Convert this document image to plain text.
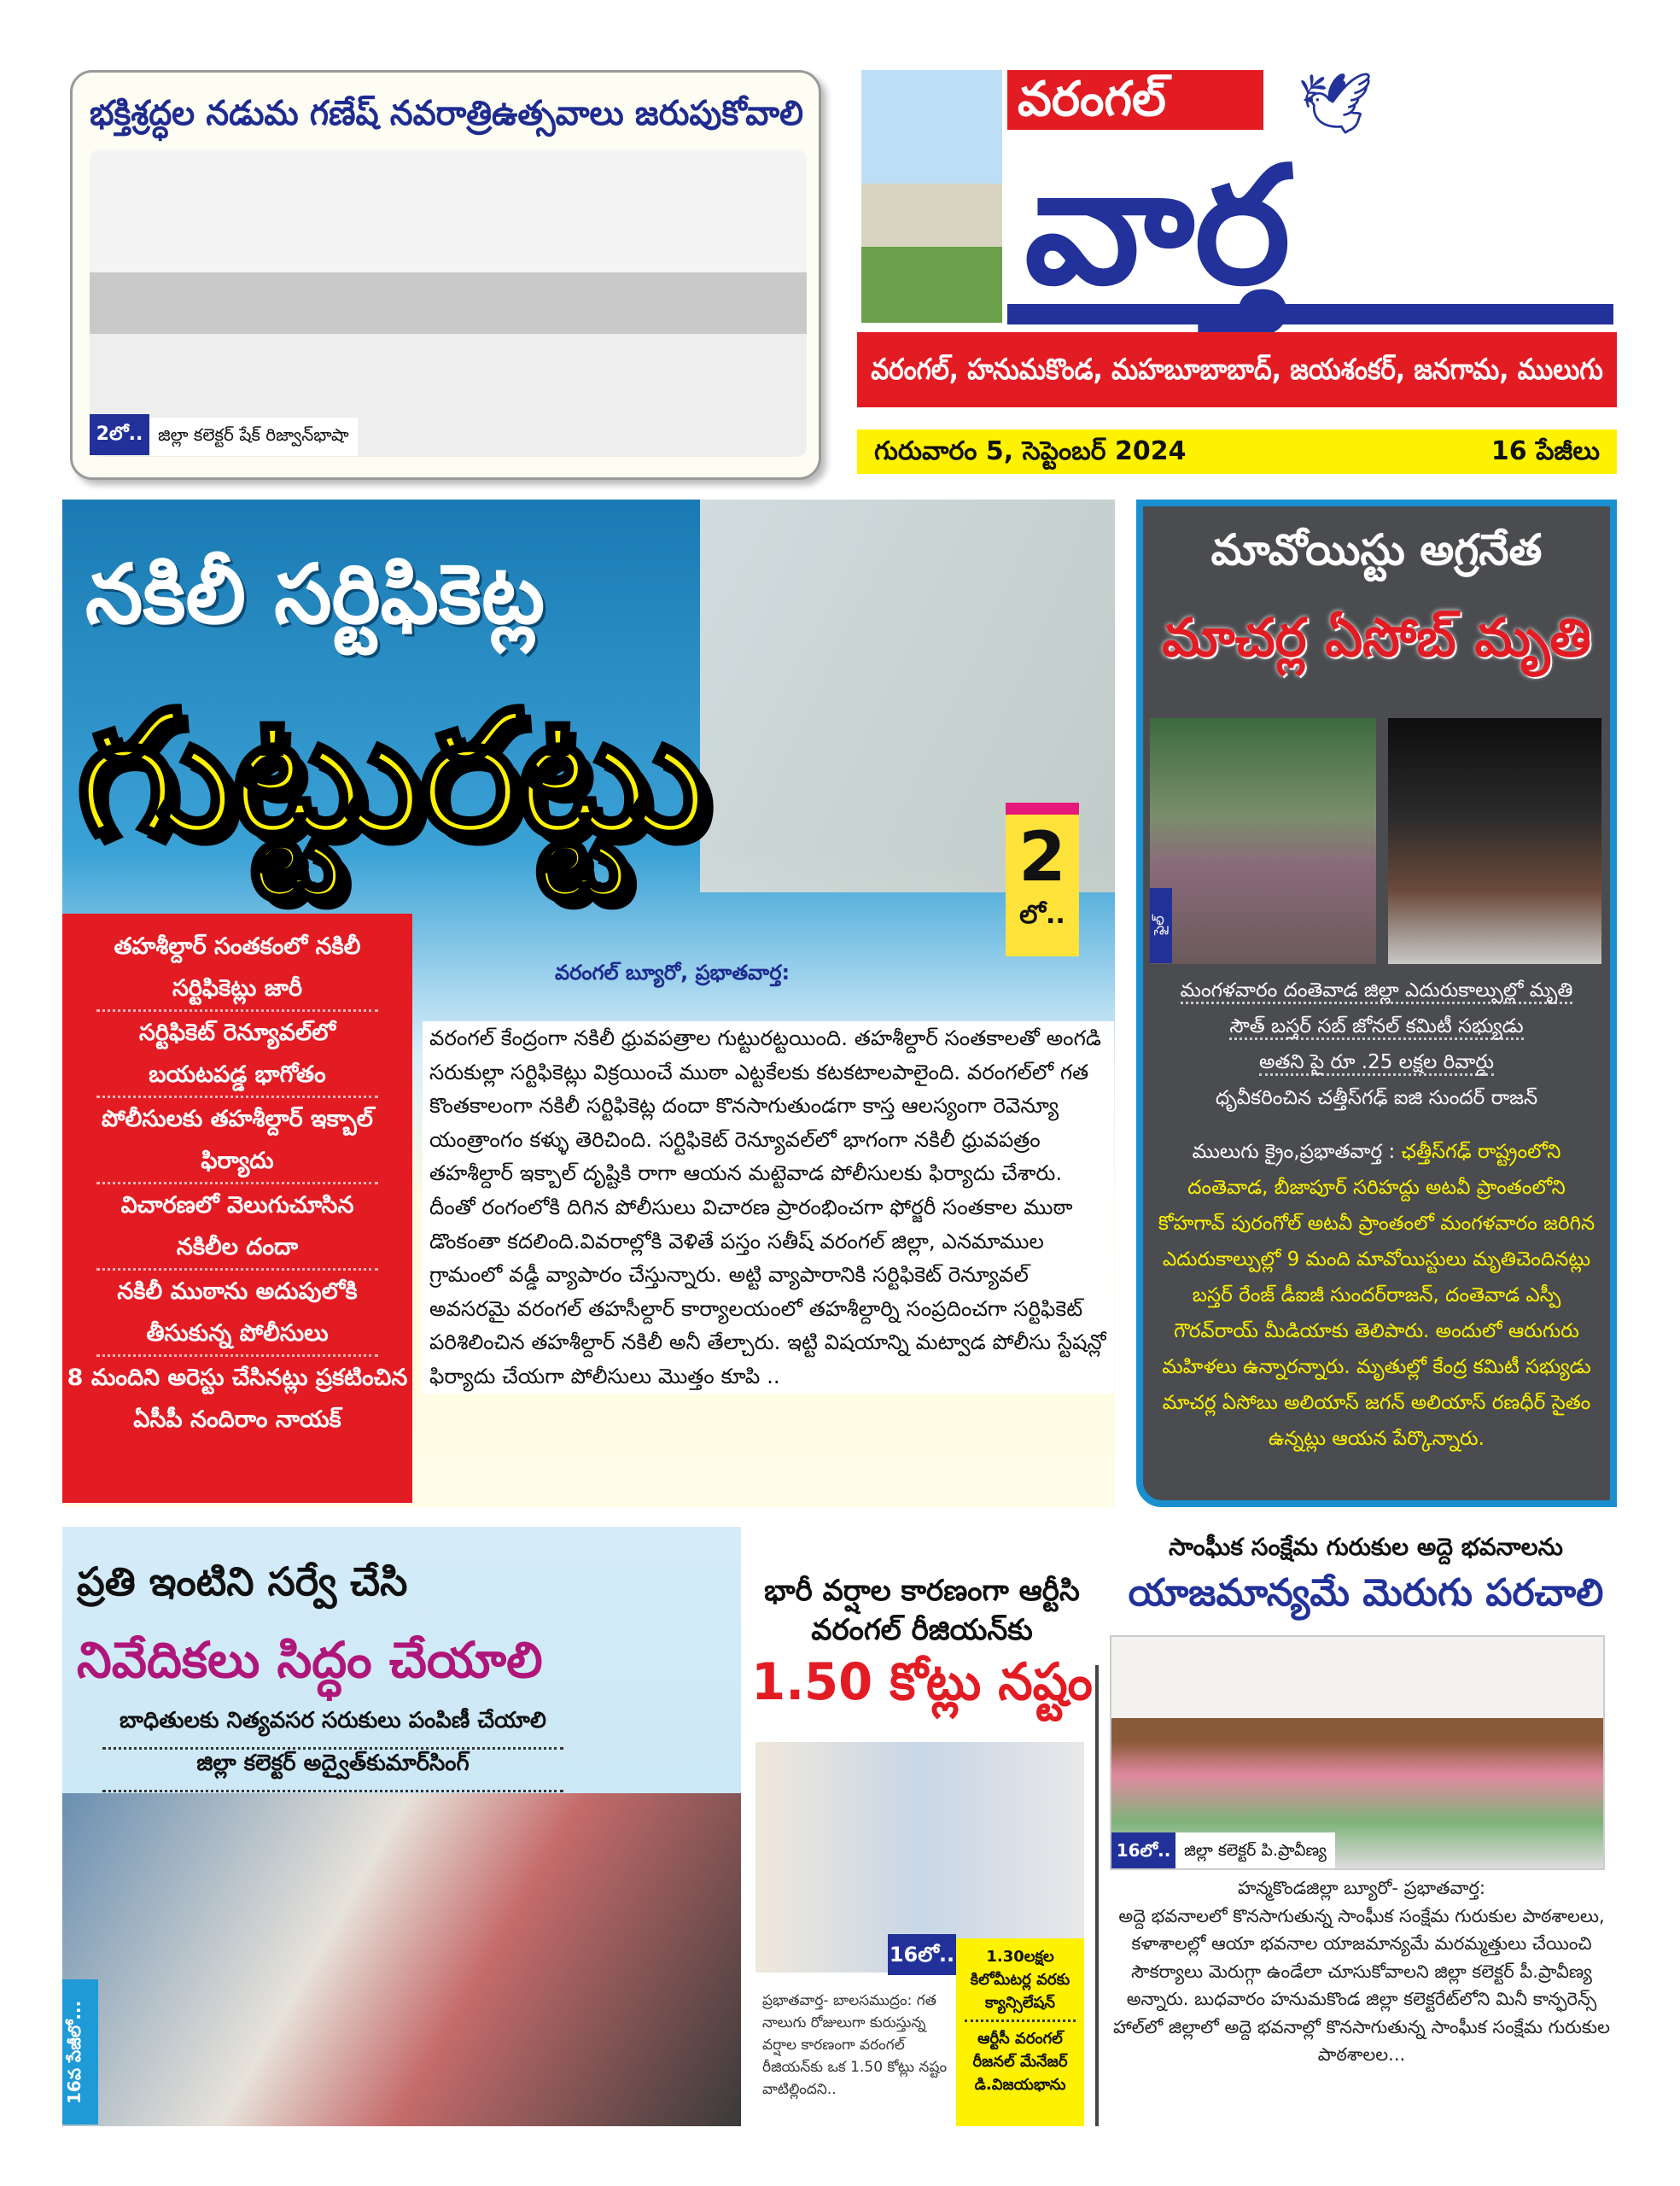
భక్తిశ్రద్ధల నడుమ గణేష్ నవరాత్రిఉత్సవాలు జరుపుకోవాలి
2లో.. జిల్లా కలెక్టర్ షేక్ రిజ్వాన్‌భాషా
వరంగల్	🕊
వార్త
వరంగల్, హనుమకొండ, మహబూబాబాద్, జయశంకర్, జనగామ, ములుగు
గురువారం 5, సెప్టెంబర్ 2024	16 పేజీలు
నకిలీ సర్టిఫికెట్ల
గుట్టురట్టు	2
లో..
తహశీల్దార్ సంతకంలో నకిలీ సర్టిఫికెట్లు జారీ
సర్టిఫికెట్ రెన్యూవల్‌లో బయటపడ్డ భాగోతం
పోలీసులకు తహశీల్దార్ ఇక్బాల్ ఫిర్యాదు
విచారణలో వెలుగుచూసిన నకిలీల దందా
నకిలీ ముఠాను అదుపులోకి తీసుకున్న పోలీసులు
8 మందిని అరెస్టు చేసినట్లు ప్రకటించిన ఏసీపీ నందిరాం నాయక్
వరంగల్ బ్యూరో, ప్రభాతవార్త:
వరంగల్ కేంద్రంగా నకిలీ ధ్రువపత్రాల గుట్టురట్టయింది. తహశీల్దార్ సంతకాలతో అంగడి సరుకుల్లా సర్టిఫికెట్లు విక్రయించే ముఠా ఎట్టకేలకు కటకటాలపాలైంది. వరంగల్‌లో గత కొంతకాలంగా నకిలీ సర్టిఫికెట్ల దందా కొనసాగుతుండగా కాస్త ఆలస్యంగా రెవెన్యూ యంత్రాంగం కళ్ళు తెరిచింది. సర్టిఫికెట్ రెన్యూవల్‌లో భాగంగా నకిలీ ధ్రువపత్రం తహశీల్దార్ ఇక్బాల్ దృష్టికి రాగా ఆయన మట్టెవాడ పోలీసులకు ఫిర్యాదు చేశారు. దీంతో రంగంలోకి దిగిన పోలీసులు విచారణ ప్రారంభించగా ఫోర్జరీ సంతకాల ముఠా డొంకంతా కదలింది.వివరాల్లోకి వెళితే పస్తం సతీష్ వరంగల్ జిల్లా, ఎనమాముల గ్రామంలో వడ్డీ వ్యాపారం చేస్తున్నారు. అట్టి వ్యాపారానికి సర్టిఫికెట్ రెన్యూవల్ అవసరమై వరంగల్ తహసీల్దార్ కార్యాలయంలో తహశీల్దార్ని సంప్రదించగా సర్టిఫికెట్ పరిశిలించిన తహశీల్దార్ నకిలీ అనీ తేల్చారు. ఇట్టి విషయాన్ని మట్వాడ పోలీసు స్టేషన్లో ఫిర్యాదు చేయగా పోలీసులు మొత్తం కూపి ..
మావోయిస్టు అగ్రనేత
మాచర్ల ఏసోబ్ మృతి
ఫైల్
మంగళవారం దంతెవాడ జిల్లా ఎదురుకాల్పుల్లో మృతి
సౌత్ బస్తర్ సబ్ జోనల్ కమిటీ సభ్యుడు
అతని పై రూ .25 లక్షల రివార్డు
ధృవీకరించిన చత్తీస్‌గఢ్ ఐజి సుందర్ రాజన్
ములుగు క్రైం,ప్రభాతవార్త : ఛత్తీస్‌గఢ్ రాష్ట్రంలోని దంతెవాడ, బీజాపూర్ సరిహద్దు అటవీ ప్రాంతంలోని కోహగావ్ పురంగోల్ అటవీ ప్రాంతంలో మంగళవారం జరిగిన ఎదురుకాల్పుల్లో 9 మంది మావోయిస్టులు మృతిచెందినట్లు బస్తర్ రేంజ్ డీఐజీ సుందర్‌రాజన్, దంతెవాడ ఎస్పీ గౌరవ్‌రాయ్ మీడియాకు తెలిపారు. అందులో ఆరుగురు మహిళలు ఉన్నారన్నారు. మృతుల్లో కేంద్ర కమిటీ సభ్యుడు మాచర్ల ఏసోబు అలియాస్ జగన్ అలియాస్ రణధీర్ సైతం ఉన్నట్లు ఆయన పేర్కొన్నారు.
ప్రతి ఇంటిని సర్వే చేసి
నివేదికలు సిద్ధం చేయాలి
బాధితులకు నిత్యవసర సరుకులు పంపిణీ చేయాలి
జిల్లా కలెక్టర్ అద్వైత్‌కుమార్‌సింగ్
16వ పేజీలో...
భారీ వర్షాల కారణంగా ఆర్టీసి వరంగల్ రీజియన్‌కు
1.50 కోట్లు నష్టం
16లో..
ప్రభాతవార్త- బాలసముద్రం: గత నాలుగు రోజులుగా కురుస్తున్న వర్షాల కారణంగా వరంగల్ రీజియన్‌కు ఒక 1.50 కోట్లు నష్టం వాటిల్లిందని..
1.30లక్షల కిలోమీటర్ల వరకు క్యాన్సిలేషన్
ఆర్టీసీ వరంగల్ రీజనల్ మేనేజర్ డి.విజయభాను
సాంఘీక సంక్షేమ గురుకుల అద్దె భవనాలను
యాజమాన్యమే మెరుగు పరచాలి
16లో.. జిల్లా కలెక్టర్ పి.ప్రావీణ్య
హన్మకొండజిల్లా బ్యూరో- ప్రభాతవార్త:
అద్దె భవనాలలో కొనసాగుతున్న సాంఘీక సంక్షేమ గురుకుల పాఠశాలలు, కళాశాలల్లో ఆయా భవనాల యాజమాన్యమే మరమ్మత్తులు చేయించి సౌకర్యాలు మెరుగ్గా ఉండేలా చూసుకోవాలని జిల్లా కలెక్టర్ పీ.ప్రావీణ్య అన్నారు. బుధవారం హనుమకొండ జిల్లా కలెక్టరేట్‌లోని మినీ కాన్ఫరెన్స్ హాల్‌లో జిల్లాలో అద్దె భవనాల్లో కొనసాగుతున్న సాంఘీక సంక్షేమ గురుకుల పాఠశాలల...
